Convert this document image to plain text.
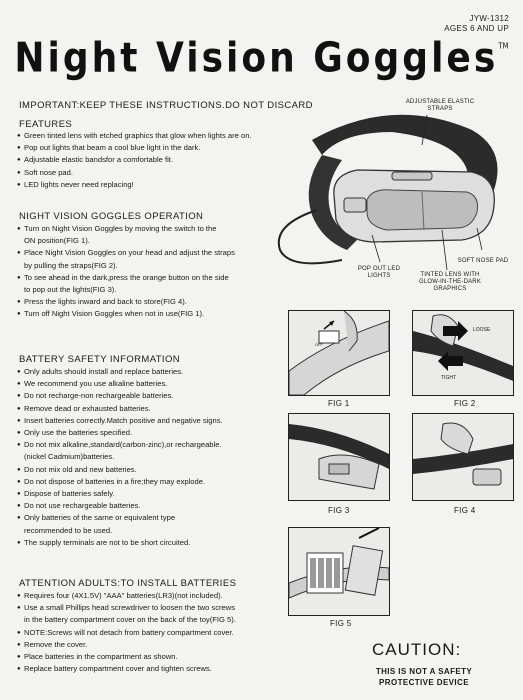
JYW-1312
AGES 6 AND UP
Night Vision Goggles™
IMPORTANT:KEEP THESE INSTRUCTIONS.DO NOT DISCARD
FEATURES
● Green tinted lens with etched graphics that glow when lights are on.
● Pop out lights that beam a cool blue light in the dark.
● Adjustable elastic bandsfor a comfortable fit.
● Soft nose pad.
● LED lights never need replacing!
NIGHT VISION GOGGLES OPERATION
● Turn on Night Vision Goggles by moving the switch to the
ON position(FIG 1).
● Place Night Vision Goggles on your head and adjust the straps
by pulling the straps(FIG 2).
● To see ahead in the dark,press the orange button on the side
to pop out the lights(FIG 3).
● Press the lights inward and back to store(FIG 4).
● Turn off Night Vision Goggles when not in use(FIG 1).
BATTERY SAFETY INFORMATION
● Only adults should install and replace batteries.
● We recommend you use alkaline batteries.
● Do not recharge-non rechargeable batteries.
● Remove dead or exhausted batteries.
● Insert batteries correctly.Match positive and negative signs.
● Only use the batteries specified.
● Do not mix alkaline,standard(carbon-zinc),or rechargeable.
(nickel Cadmium)batteries.
● Do not mix old and new batteries.
● Do not dispose of batteries in a fire;they may explode.
● Dispose of batteries safely.
● Do not use rechargeable batteries.
● Only batteries of the sarne or equivalent type
recommended to be used.
● The supply terminals are not to be short circuited.
ATTENTION ADULTS:TO INSTALL BATTERIES
● Requires four (4X1.5V) "AAA" batteries(LR3)(not included).
● Use a small Phillips head screwdriver to loosen the two screws
in the battery compartment cover on the back of the toy(FIG 5).
● NOTE:Screws will not detach from battery compartment cover.
● Remove the cover.
● Place batteries in the compartment as shown.
● Replace battery compartment cover and tighten screws.
ADJUSTABLE ELASTIC STRAPS
SOFT NOSE PAD
POP OUT LED LIGHTS	TINTED LENS WITH GLOW-IN-THE-DARK GRAPHICS
OFF
FIG 1
LOOSE
TIGHT
FIG 2
FIG 3	FIG 4
FIG 5
CAUTION:
THIS IS NOT A SAFETY
PROTECTIVE DEVICE
